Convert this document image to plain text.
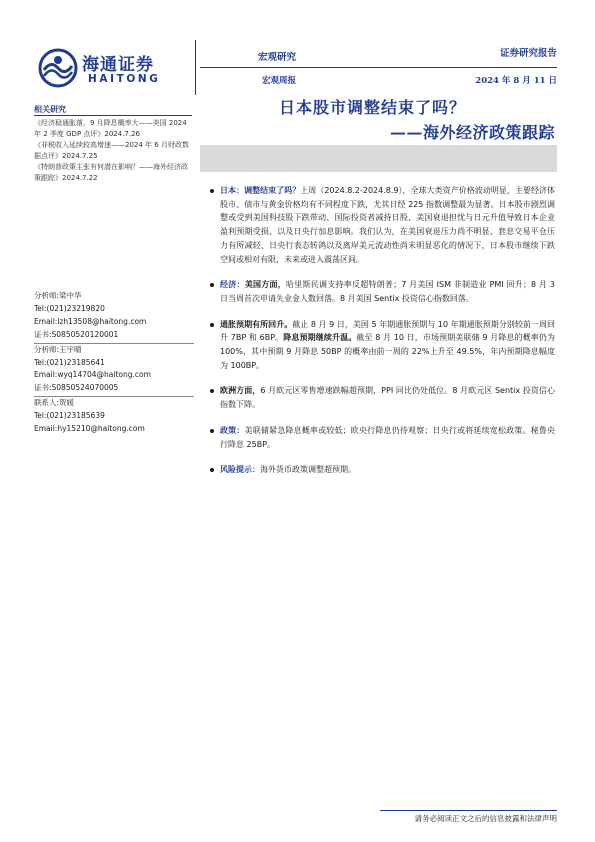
海通证券
HAITONG
宏观研究	证券研究报告
宏观周报	2024 年 8 月 11 日
日本股市调整结束了吗？
——海外经济政策跟踪
相关研究

《经济稳通胀落，9 月降息概率大——美国 2024 年 2 季度 GDP 点评》2024.7.26

《非税收入延续较高增速——2024 年 6 月财政数据点评》2024.7.25

《特朗普政策主张有何潜在影响？——海外经济政策跟踪》2024.7.22

分析师:梁中华
Tel:(021)23219820
Email:lzh13508@haitong.com
证书:S0850520120001
分析师:王宇晴
Tel:(021)23185641
Email:wyq14704@haitong.com
证书:S0850524070005
联系人:贺媛
Tel:(021)23185639
Email:hy15210@haitong.com
日本：调整结束了吗？上周（2024.8.2-2024.8.9），全球大类资产价格波动明显，主要经济体股市、债市与黄金价格均有不同程度下跌，尤其日经 225 指数调整最为显著。日本股市剧烈调整或受到美国科技股下跌带动、国际投资者减持日股、美国衰退担忧与日元升值导致日本企业盈利预期受损、以及日央行加息影响。我们认为，在美国衰退压力尚不明显、套息交易平仓压力有所减轻、日央行表态转鸽以及离岸美元流动性尚未明显恶化的情况下，日本股市继续下跌空间或相对有限，未来或进入震荡区间。
经济：美国方面，哈里斯民调支持率反超特朗普；7 月美国 ISM 非制造业 PMI 回升；8 月 3 日当周首次申请失业金人数回落。8 月美国 Sentix 投资信心指数回落。
通胀预期有所回升。截止 8 月 9 日，美国 5 年期通胀预期与 10 年期通胀预期分别较前一周回升 7BP 和 6BP。降息预期继续升温。截至 8 月 10 日，市场预期美联储 9 月降息的概率仍为 100%，其中预期 9 月降息 50BP 的概率由前一周的 22%上升至 49.5%，年内预期降息幅度为 100BP。
欧洲方面，6 月欧元区零售增速跌幅超预期，PPI 同比仍处低位。8 月欧元区 Sentix 投资信心指数下降。
政策：美联储紧急降息概率或较低；欧央行降息仍待观察；日央行或将延续宽松政策。秘鲁央行降息 25BP。
风险提示：海外货币政策调整超预期。
请务必阅读正文之后的信息披露和法律声明
